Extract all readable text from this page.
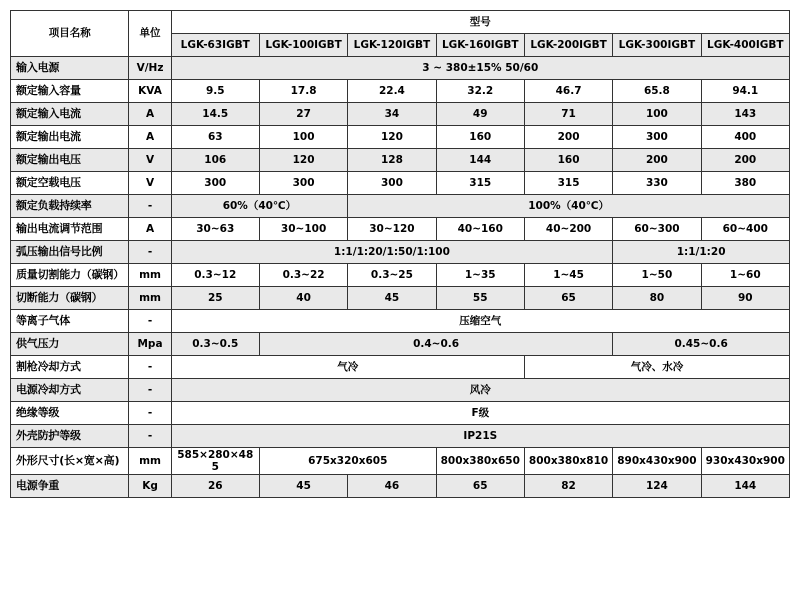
项目名称	单位	型号						
		LGK-63IGBT	LGK-100IGBT	LGK-120IGBT	LGK-160IGBT	LGK-200IGBT	LGK-300IGBT	LGK-400IGBT
输入电源	V/Hz	3 ~ 380±15% 50/60						
额定输入容量	KVA	9.5	17.8	22.4	32.2	46.7	65.8	94.1
额定输入电流	A	14.5	27	34	49	71	100	143
额定输出电流	A	63	100	120	160	200	300	400
额定输出电压	V	106	120	128	144	160	200	200
额定空载电压	V	300	300	300	315	315	330	380
额定负载持续率	-	60%（40℃）		100%（40℃）				
输出电流调节范围	A	30~63	30~100	30~120	40~160	40~200	60~300	60~400
弧压输出信号比例	-	1:1/1:20/1:50/1:100					1:1/1:20	
质量切割能力（碳钢）	mm	0.3~12	0.3~22	0.3~25	1~35	1~45	1~50	1~60
切断能力（碳钢）	mm	25	40	45	55	65	80	90
等离子气体	-	压缩空气						
供气压力	Mpa	0.3~0.5	0.4~0.6				0.45~0.6	
割枪冷却方式	-	气冷				气冷、水冷		
电源冷却方式	-	风冷						
绝缘等级	-	F级						
外壳防护等级	-	IP21S						
外形尺寸(长×宽×高)	mm	585×280×485	675x320x605		800x380x650	800x380x810	890x430x900	930x430x900
电源争重	Kg	26	45	46	65	82	124	144
